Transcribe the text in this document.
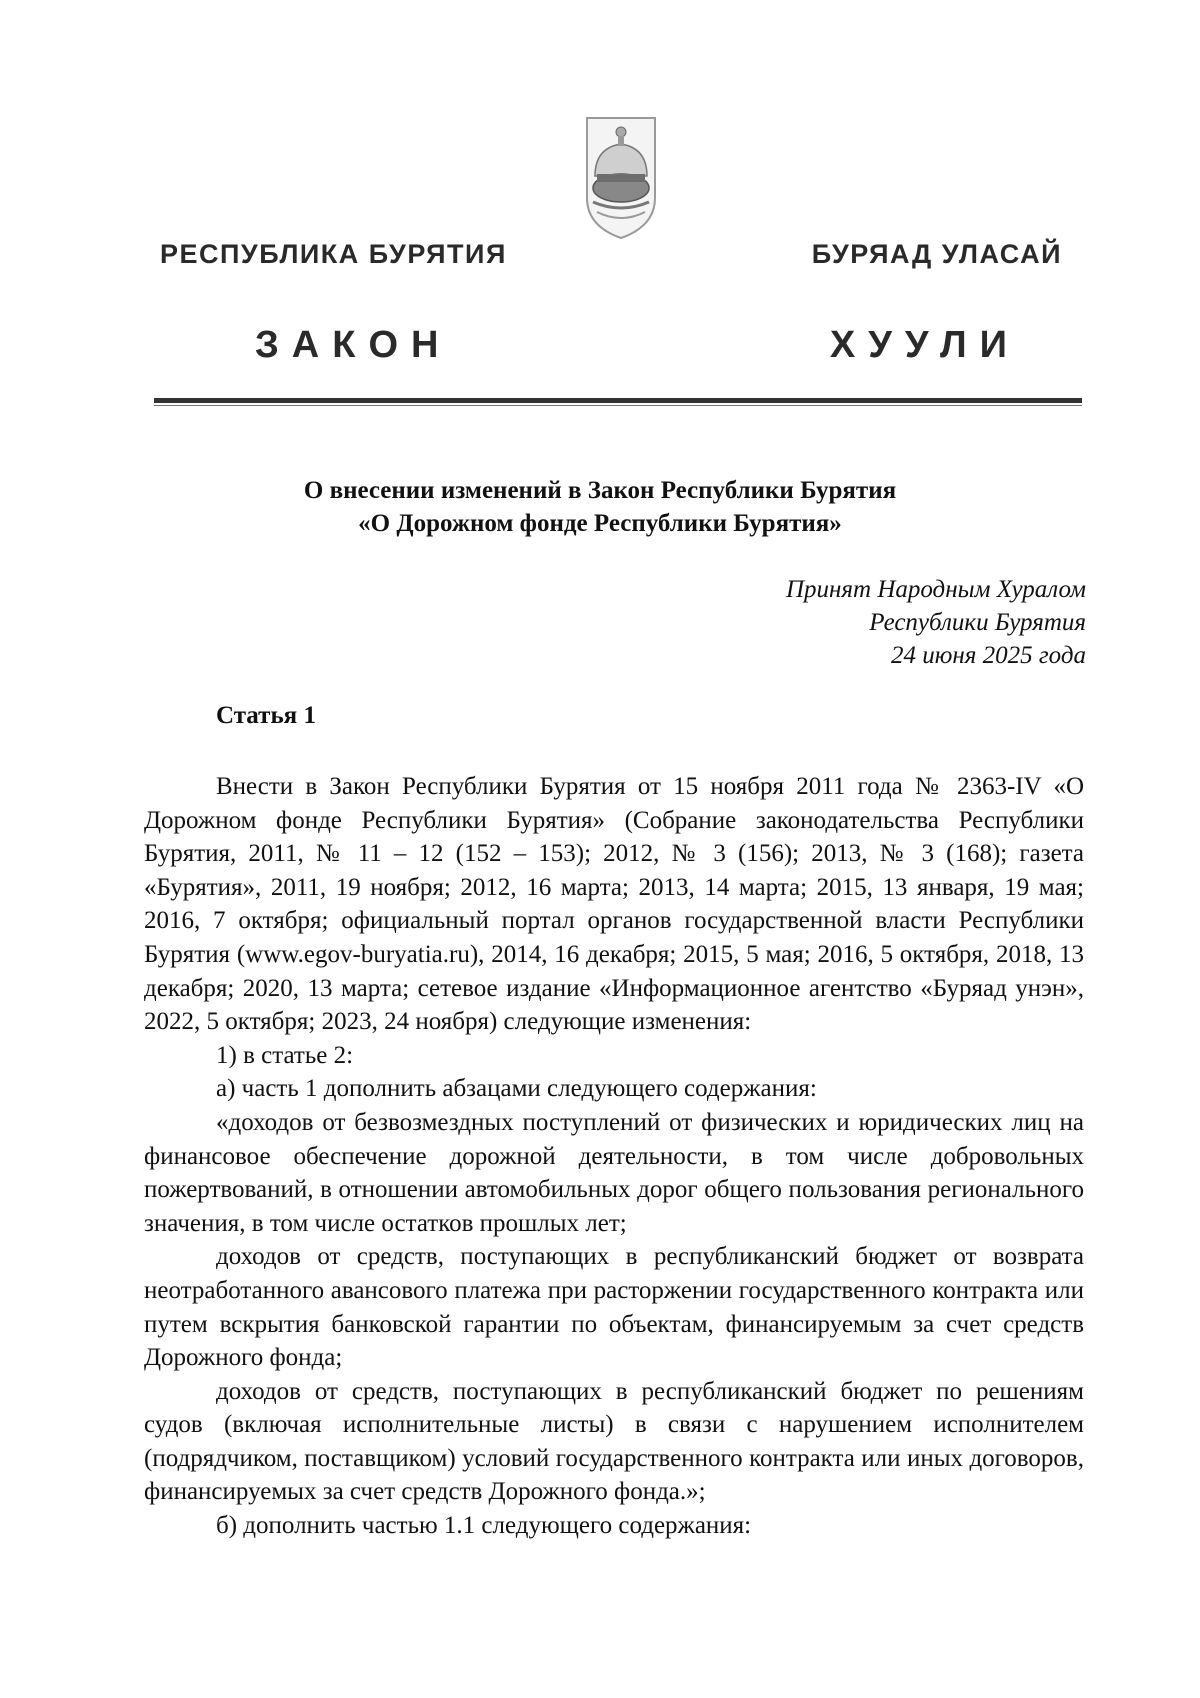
РЕСПУБЛИКА БУРЯТИЯ	БУРЯАД УЛАСАЙ
ЗАКОН	ХУУЛИ
О внесении изменений в Закон Республики Бурятия
«О Дорожном фонде Республики Бурятия»
Принят Народным Хуралом
Республики Бурятия
24 июня 2025 года
Статья 1

Внести в Закон Республики Бурятия от 15 ноября 2011 года № 2363-IV «О Дорожном фонде Республики Бурятия» (Собрание законодательства Республики Бурятия, 2011, № 11 – 12 (152 – 153); 2012, № 3 (156); 2013, № 3 (168); газета «Бурятия», 2011, 19 ноября; 2012, 16 марта; 2013, 14 марта; 2015, 13 января, 19 мая; 2016, 7 октября; официальный портал органов государственной власти Республики Бурятия (www.egov-buryatia.ru), 2014, 16 декабря; 2015, 5 мая; 2016, 5 октября, 2018, 13 декабря; 2020, 13 марта; сетевое издание «Информационное агентство «Буряад унэн», 2022, 5 октября; 2023, 24 ноября) следующие изменения:

1) в статье 2:

а) часть 1 дополнить абзацами следующего содержания:

«доходов от безвозмездных поступлений от физических и юридических лиц на финансовое обеспечение дорожной деятельности, в том числе добровольных пожертвований, в отношении автомобильных дорог общего пользования регионального значения, в том числе остатков прошлых лет;

доходов от средств, поступающих в республиканский бюджет от возврата неотработанного авансового платежа при расторжении государственного контракта или путем вскрытия банковской гарантии по объектам, финансируемым за счет средств Дорожного фонда;

доходов от средств, поступающих в республиканский бюджет по решениям судов (включая исполнительные листы) в связи с нарушением исполнителем (подрядчиком, поставщиком) условий государственного контракта или иных договоров, финансируемых за счет средств Дорожного фонда.»;

б) дополнить частью 1.1 следующего содержания:
